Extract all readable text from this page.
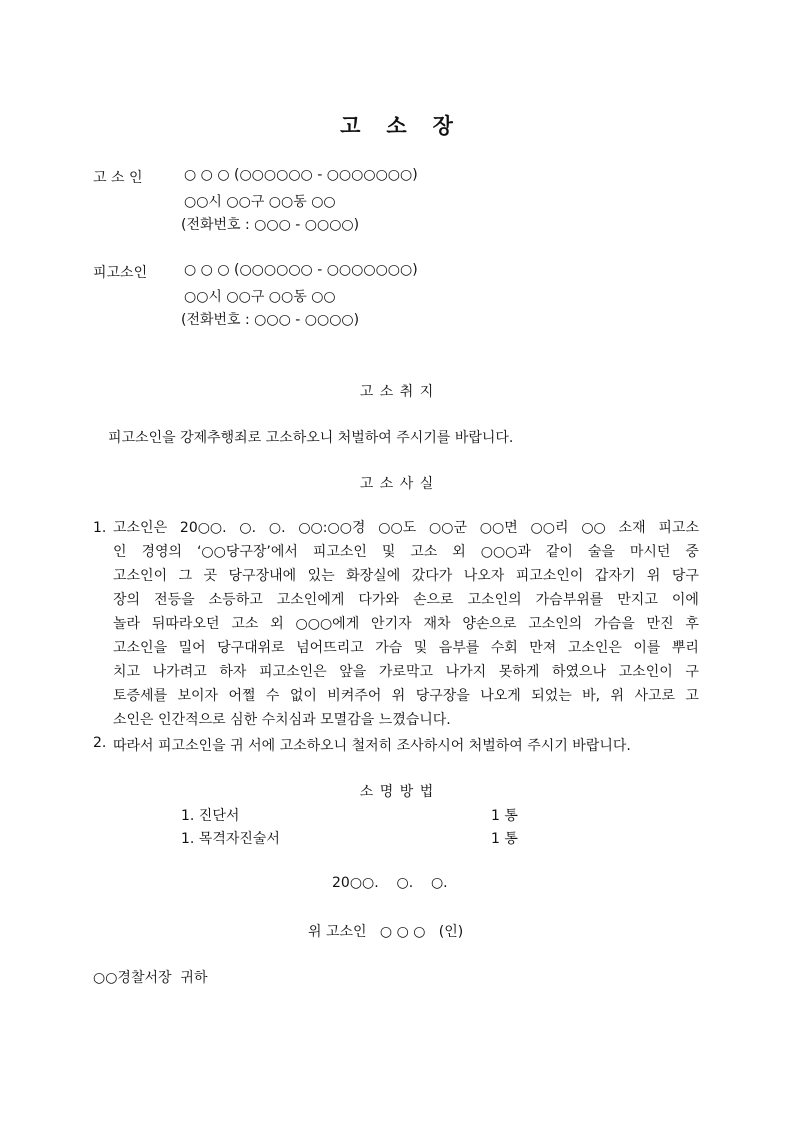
고   소   장
고 소 인	○ ○ ○ (○○○○○○ - ○○○○○○○)
○○시 ○○구 ○○동 ○○
(전화번호 : ○○○ - ○○○○)
피고소인	○ ○ ○ (○○○○○○ - ○○○○○○○)
○○시 ○○구 ○○동 ○○
(전화번호 : ○○○ - ○○○○)
고 소 취 지
피고소인을 강제추행죄로 고소하오니 처벌하여 주시기를 바랍니다.
고 소 사 실
1. 고소인은 20○○. ○. ○. ○○:○○경 ○○도 ○○군 ○○면 ○○리 ○○ 소재 피고소
인 경영의 ‘○○당구장’에서 피고소인 및 고소 외 ○○○과 같이 술을 마시던 중
고소인이 그 곳 당구장내에 있는 화장실에 갔다가 나오자 피고소인이 갑자기 위 당구
장의 전등을 소등하고 고소인에게 다가와 손으로 고소인의 가슴부위를 만지고 이에
놀라 뒤따라오던 고소 외 ○○○에게 안기자 재차 양손으로 고소인의 가슴을 만진 후
고소인을 밀어 당구대위로 넘어뜨리고 가슴 및 음부를 수회 만져 고소인은 이를 뿌리
치고 나가려고 하자 피고소인은 앞을 가로막고 나가지 못하게 하였으나 고소인이 구
토증세를 보이자 어쩔 수 없이 비켜주어 위 당구장을 나오게 되었는 바, 위 사고로 고
소인은 인간적으로 심한 수치심과 모멸감을 느꼈습니다.
2. 따라서 피고소인을 귀 서에 고소하오니 철저히 조사하시어 처벌하여 주시기 바랍니다.
소 명 방 법
1. 진단서	1 통
1. 목격자진술서	1 통
20○○.    ○.    ○.
위 고소인   ○ ○ ○   (인)
○○경찰서장  귀하
